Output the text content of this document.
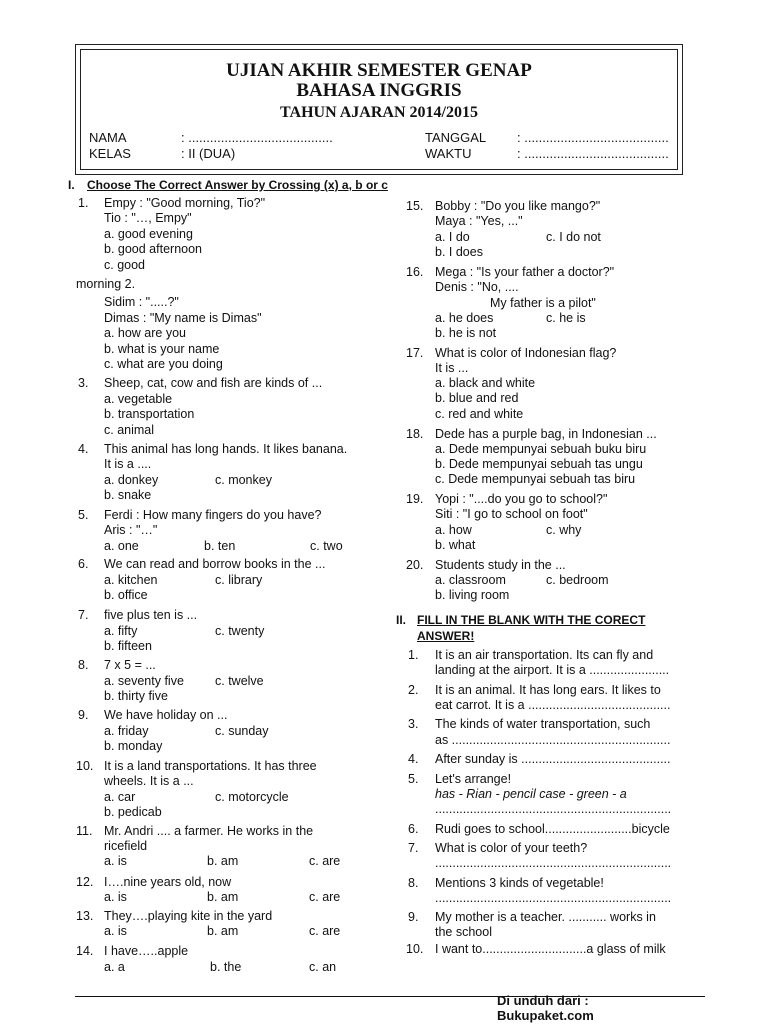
UJIAN AKHIR SEMESTER GENAP
BAHASA INGGRIS
TAHUN AJARAN 2014/2015
NAMA	: ........................................
KELAS	: II (DUA)
TANGGAL : ........................................
WAKTU	: ........................................
I. Choose The Correct Answer by Crossing (x) a, b or c
1. Empy : "Good morning, Tio?"
Tio : "…, Empy"
a. good evening
b. good afternoon
c. good
morning 2.
Sidim : ".....?"
Dimas : "My name is Dimas"
a. how are you
b. what is your name
c. what are you doing
3. Sheep, cat, cow and fish are kinds of ...
a. vegetable
b. transportation
c. animal
4. This animal has long hands. It likes banana.
It is a ....
a. donkey	c. monkey
b. snake
5. Ferdi : How many fingers do you have?
Aris : "…"
a. one	b. ten	c. two
6. We can read and borrow books in the ...
a. kitchen	c. library
b. office
7. five plus ten is ...
a. fifty	c. twenty
b. fifteen
8. 7 x 5 = ...
a. seventy five c. twelve
b. thirty five
9. We have holiday on ...
a. friday	c. sunday
b. monday
10. It is a land transportations. It has three
wheels. It is a ...
a. car	c. motorcycle
b. pedicab
11. Mr. Andri .... a farmer. He works in the
ricefield
a. is	b. am	c. are
12. I….nine years old, now
a. is	b. am	c. are
13. They….playing kite in the yard
a. is	b. am	c. are
14. I have…..apple
a. a	b. the	c. an
15. Bobby : "Do you like mango?"
Maya : "Yes, ..."
a. I do	c. I do not
b. I does
16. Mega : "Is your father a doctor?"
Denis : "No, ....
My father is a pilot"
a. he does	c. he is
b. he is not
17. What is color of Indonesian flag?
It is ...
a. black and white
b. blue and red
c. red and white
18. Dede has a purple bag, in Indonesian ...
a. Dede mempunyai sebuah buku biru
b. Dede mempunyai sebuah tas ungu
c. Dede mempunyai sebuah tas biru
19. Yopi : "....do you go to school?"
Siti : "I go to school on foot"
a. how	c. why
b. what
20. Students study in the ...
a. classroom	c. bedroom
b. living room
II. FILL IN THE BLANK WITH THE CORECT
ANSWER!
1. It is an air transportation. Its can fly and
landing at the airport. It is a .......................
2. It is an animal. It has long ears. It likes to
eat carrot. It is a .........................................
3. The kinds of water transportation, such
as ...............................................................
4. After sunday is ...........................................
5. Let's arrange!
has - Rian - pencil case - green - a
....................................................................
6. Rudi goes to school.........................bicycle
7. What is color of your teeth?
....................................................................
8. Mentions 3 kinds of vegetable!
....................................................................
9. My mother is a teacher. ........... works in
the school
10. I want to..............................a glass of milk
Di unduh dari :
Bukupaket.com
